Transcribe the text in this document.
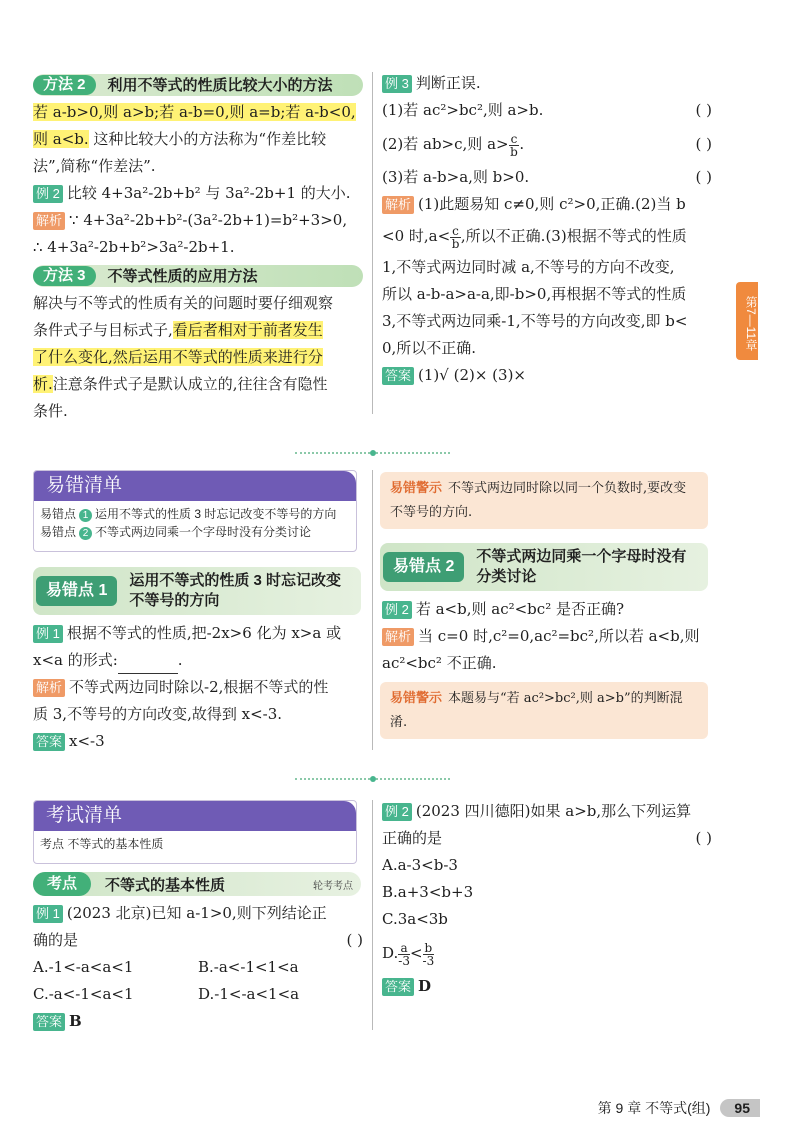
方法 2	利用不等式的性质比较大小的方法
若 a-b>0,则 a>b;若 a-b=0,则 a=b;若 a-b<0,
则 a<b. 这种比较大小的方法称为“作差比较
法”,简称“作差法”.
例 2 比较 4+3a²-2b+b² 与 3a²-2b+1 的大小.
解析 ∵ 4+3a²-2b+b²-(3a²-2b+1)=b²+3>0,
∴ 4+3a²-2b+b²>3a²-2b+1.
方法 3	不等式性质的应用方法
解决与不等式的性质有关的问题时要仔细观察
条件式子与目标式子,看后者相对于前者发生
了什么变化,然后运用不等式的性质来进行分
析.注意条件式子是默认成立的,往往含有隐性
条件.
例 3 判断正误.
(1)若 ac²>bc²,则 a>b.	( )
(2)若 ab>c,则 $a> \frac{c}{b}$ .	( )
(3)若 a-b>a,则 b>0.	( )
解析 (1)此题易知 c≠0,则 c²>0,正确.(2)当 b
<0 时$,a< \frac{c}{b}$ ,所以不正确.(3)根据不等式的性质
1,不等式两边同时减 a,不等号的方向不改变,
所以 a-b-a>a-a,即-b>0,再根据不等式的性质
3,不等式两边同乘-1,不等号的方向改变,即 b<
0,所以不正确.
答案 (1)√ (2)× (3)×
第7—11章
易错清单
易错点 1 运用不等式的性质 3 时忘记改变不等号的方向
易错点 2 不等式两边同乘一个字母时没有分类讨论
易错点 1
运用不等式的性质 3 时忘记改变
不等号的方向
例 1 根据不等式的性质,把-2x>6 化为 x>a 或
x<a 的形式:	.
解析 不等式两边同时除以-2,根据不等式的性
质 3,不等号的方向改变,故得到 x<-3.
答案 x<-3
易错警示 不等式两边同时除以同一个负数时,要改变不等号的方向.
易错点 2
不等式两边同乘一个字母时没有
分类讨论
例 2 若 a<b,则 ac²<bc² 是否正确?
解析 当 c=0 时,c²=0,ac²=bc²,所以若 a<b,则
ac²<bc² 不正确.
易错警示 本题易与“若 ac²>bc²,则 a>b”的判断混淆.
考试清单
考点 不等式的基本性质
考点	不等式的基本性质	轮考考点
例 1 (2023 北京)已知 a-1>0,则下列结论正
确的是	( )
A.-1<-a<a<1	B.-a<-1<1<a
C.-a<-1<a<1	D.-1<-a<1<a
答案 B
例 2 (2023 四川德阳)如果 a>b,那么下列运算
正确的是	( )
A.a-3<b-3
B.a+3<b+3
C.3a<3b
D. $\frac{a}{-3} < \frac{b}{-3}$
答案 D
第 9 章 不等式(组)	95
